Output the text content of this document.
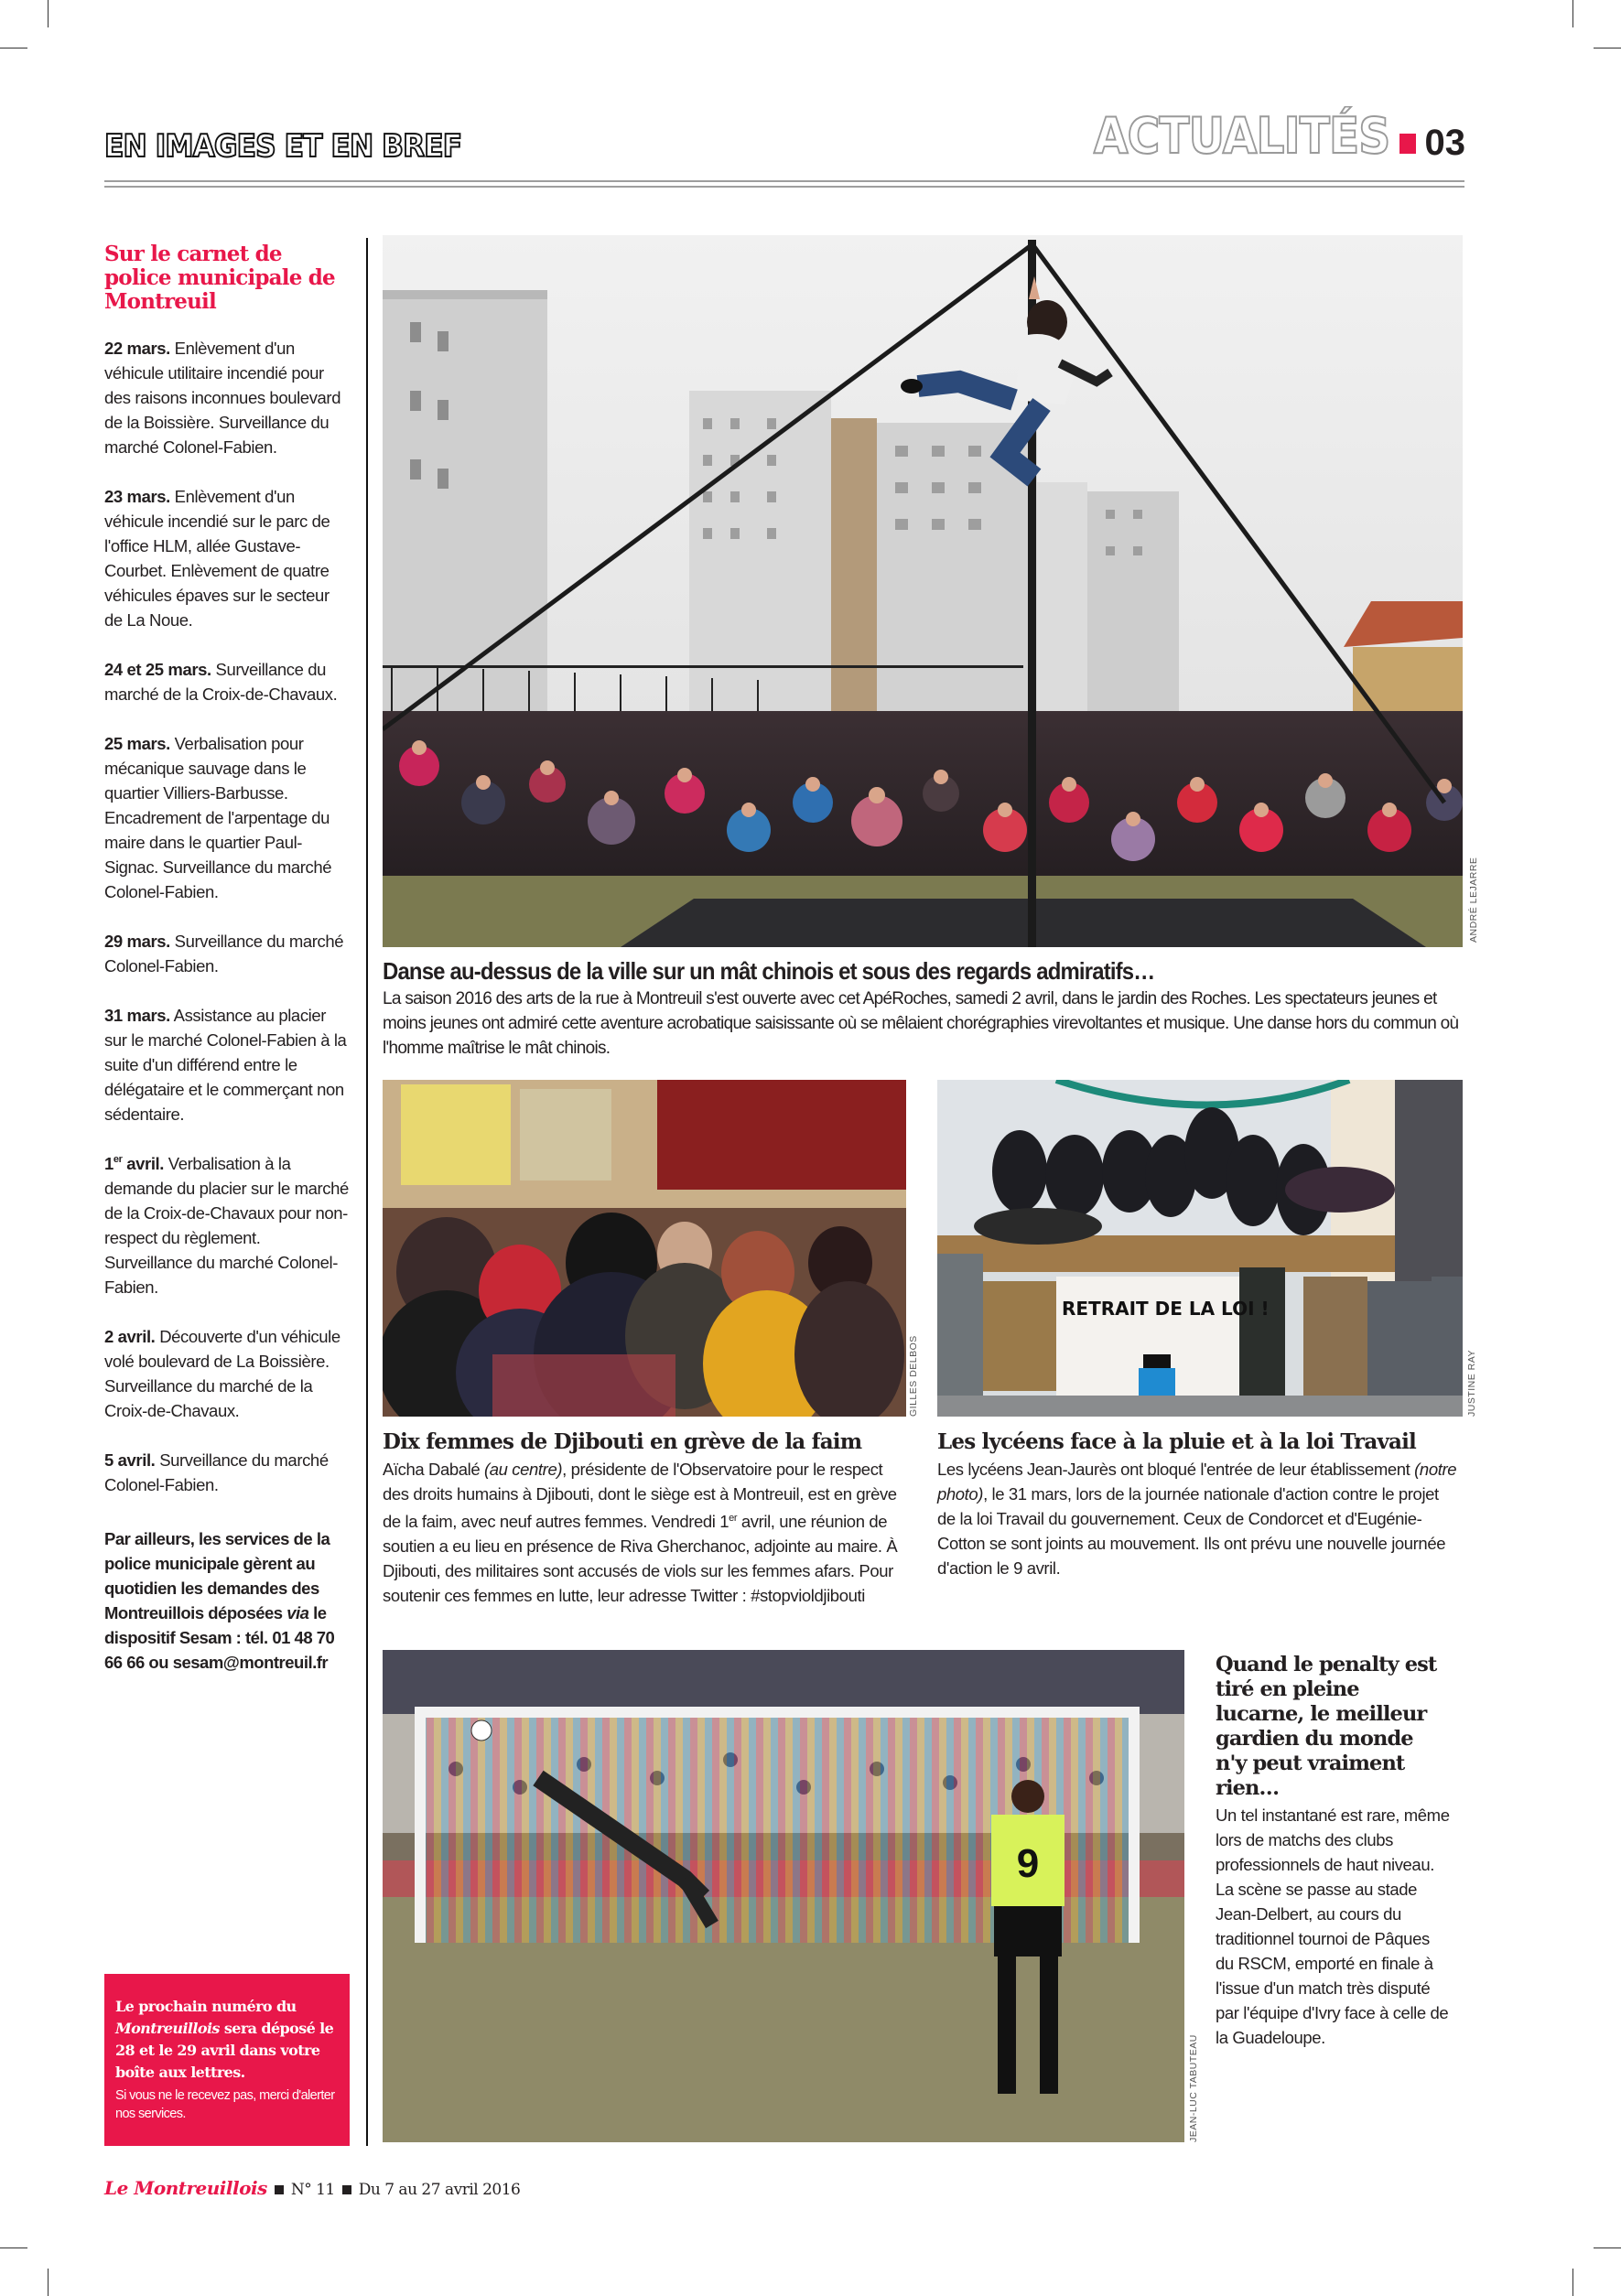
EN IMAGES ET EN BREF	ACTUALITÉS 03
Sur le carnet de police municipale de Montreuil

22 mars. Enlèvement d'un véhicule utilitaire incendié pour des raisons inconnues boulevard de la Boissière. Surveillance du marché Colonel-Fabien.

23 mars. Enlèvement d'un véhicule incendié sur le parc de l'office HLM, allée Gustave-Courbet. Enlèvement de quatre véhicules épaves sur le secteur de La Noue.

24 et 25 mars. Surveillance du marché de la Croix-de-Chavaux.

25 mars. Verbalisation pour mécanique sauvage dans le quartier Villiers-Barbusse. Encadrement de l'arpentage du maire dans le quartier Paul-Signac. Surveillance du marché Colonel-Fabien.

29 mars. Surveillance du marché Colonel-Fabien.

31 mars. Assistance au placier sur le marché Colonel-Fabien à la suite d'un différend entre le délégataire et le commerçant non sédentaire.

1er avril. Verbalisation à la demande du placier sur le marché de la Croix-de-Chavaux pour non-respect du règlement. Surveillance du marché Colonel-Fabien.

2 avril. Découverte d'un véhicule volé boulevard de La Boissière. Surveillance du marché de la Croix-de-Chavaux.

5 avril. Surveillance du marché Colonel-Fabien.

Par ailleurs, les services de la police municipale gèrent au quotidien les demandes des Montreuillois déposées via le dispositif Sesam : tél. 01 48 70 66 66 ou sesam@montreuil.fr

Le prochain numéro du Montreuillois sera déposé le 28 et le 29 avril dans votre boîte aux lettres.

Si vous ne le recevez pas, merci d'alerter nos services.

ANDRÉ LEJARRE
Danse au-dessus de la ville sur un mât chinois et sous des regards admiratifs…

La saison 2016 des arts de la rue à Montreuil s'est ouverte avec cet ApéRoches, samedi 2 avril, dans le jardin des Roches. Les spectateurs jeunes et moins jeunes ont admiré cette aventure acrobatique saisissante où se mêlaient chorégraphies virevoltantes et musique. Une danse hors du commun où l'homme maîtrise le mât chinois.

GILLES DELBOS
RETRAIT DE LA LOI !
JUSTINE RAY
Dix femmes de Djibouti en grève de la faim

Aïcha Dabalé (au centre), présidente de l'Observatoire pour le respect des droits humains à Djibouti, dont le siège est à Montreuil, est en grève de la faim, avec neuf autres femmes. Vendredi 1er avril, une réunion de soutien a eu lieu en présence de Riva Gherchanoc, adjointe au maire. À Djibouti, des militaires sont accusés de viols sur les femmes afars. Pour soutenir ces femmes en lutte, leur adresse Twitter : #stopvioldjibouti

Les lycéens face à la pluie et à la loi Travail

Les lycéens Jean-Jaurès ont bloqué l'entrée de leur établissement (notre photo), le 31 mars, lors de la journée nationale d'action contre le projet de la loi Travail du gouvernement. Ceux de Condorcet et d'Eugénie-Cotton se sont joints au mouvement. Ils ont prévu une nouvelle journée d'action le 9 avril.

9
JEAN-LUC TABUTEAU
Quand le penalty est tiré en pleine lucarne, le meilleur gardien du monde n'y peut vraiment rien…

Un tel instantané est rare, même lors de matchs des clubs professionnels de haut niveau. La scène se passe au stade Jean-Delbert, au cours du traditionnel tournoi de Pâques du RSCM, emporté en finale à l'issue d'un match très disputé par l'équipe d'Ivry face à celle de la Guadeloupe.

Le Montreuillois N° 11 Du 7 au 27 avril 2016
